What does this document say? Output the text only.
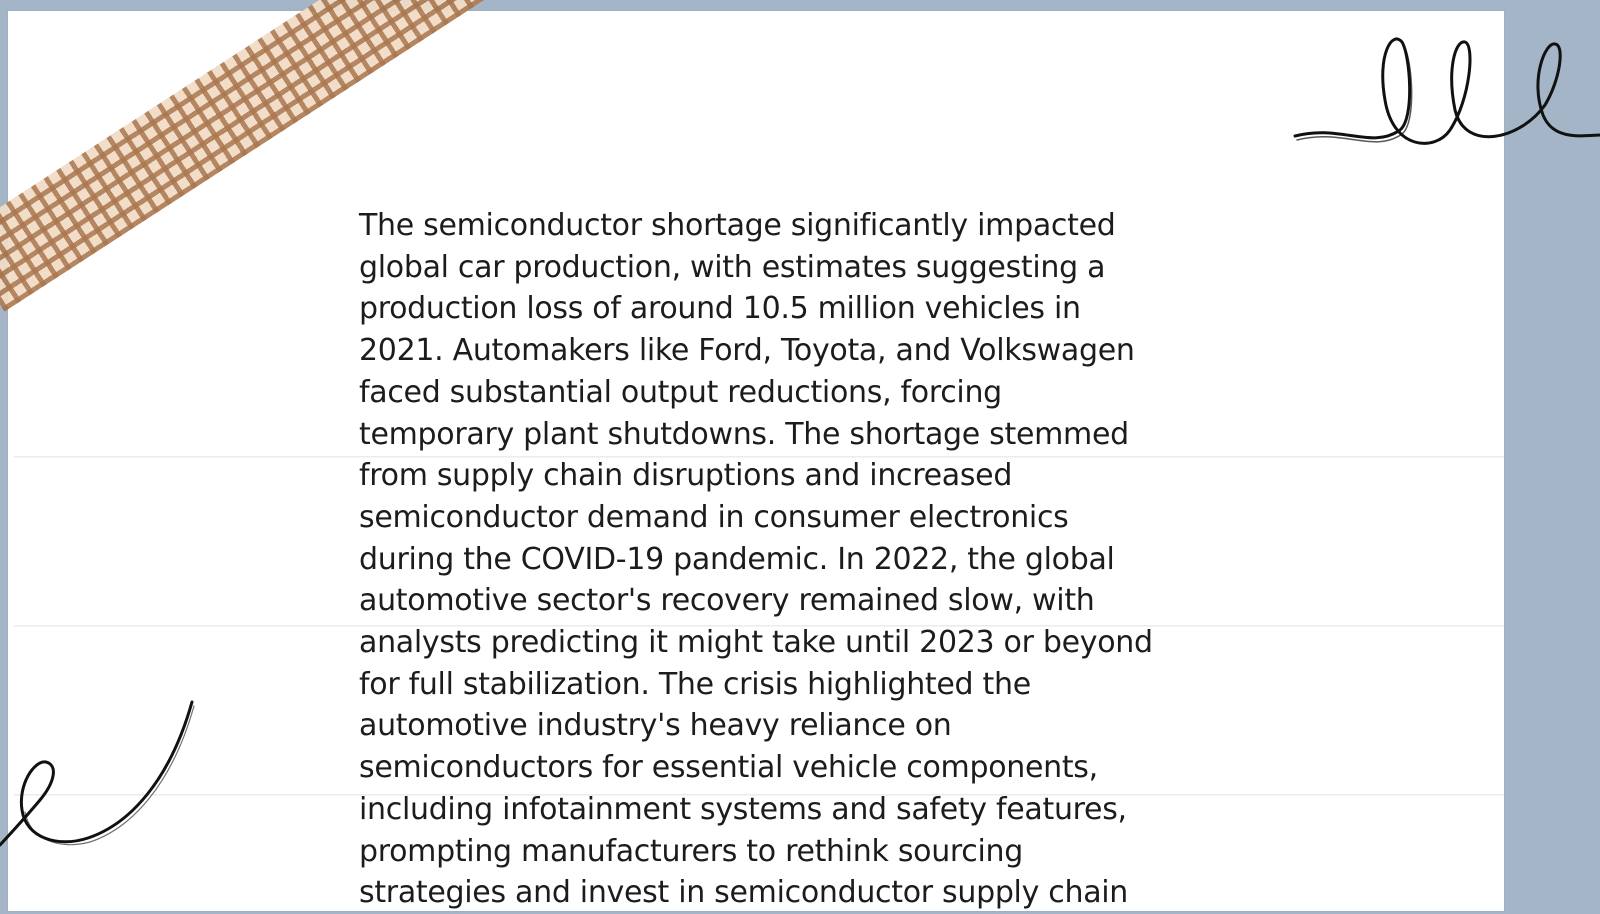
The semiconductor shortage significantly impacted
global car production, with estimates suggesting a
production loss of around 10.5 million vehicles in
2021. Automakers like Ford, Toyota, and Volkswagen
faced substantial output reductions, forcing
temporary plant shutdowns. The shortage stemmed
from supply chain disruptions and increased
semiconductor demand in consumer electronics
during the COVID-19 pandemic. In 2022, the global
automotive sector's recovery remained slow, with
analysts predicting it might take until 2023 or beyond
for full stabilization. The crisis highlighted the
automotive industry's heavy reliance on
semiconductors for essential vehicle components,
including infotainment systems and safety features,
prompting manufacturers to rethink sourcing
strategies and invest in semiconductor supply chain
